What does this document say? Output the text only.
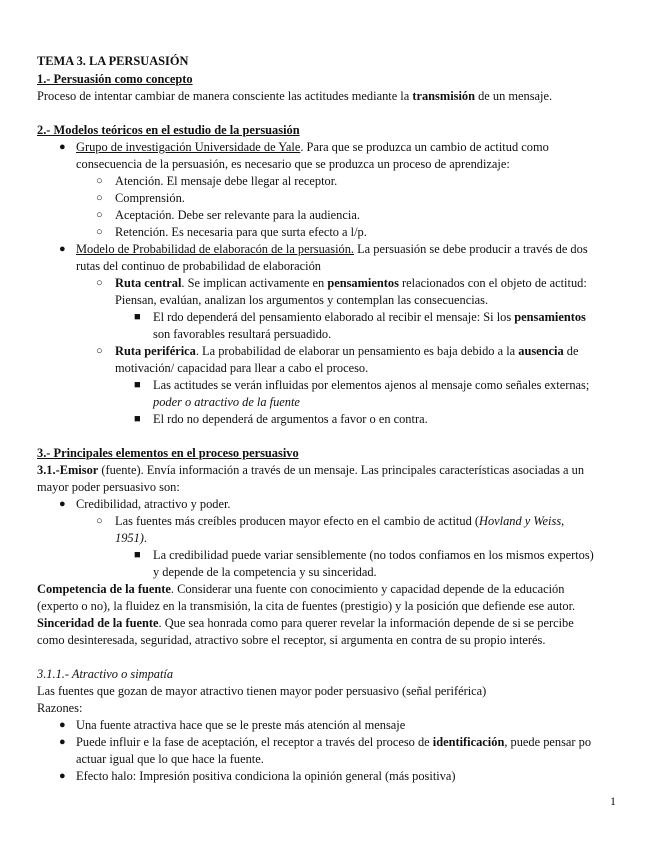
TEMA 3. LA PERSUASIÓN
1.- Persuasión como concepto
Proceso de intentar cambiar de manera consciente las actitudes mediante la transmisión de un mensaje.
2.- Modelos teóricos en el estudio de la persuasión
● Grupo de investigación Universidade de Yale. Para que se produzca un cambio de actitud como
consecuencia de la persuasión, es necesario que se produzca un proceso de aprendizaje:
○ Atención. El mensaje debe llegar al receptor.
○ Comprensión.
○ Aceptación. Debe ser relevante para la audiencia.
○ Retención. Es necesaria para que surta efecto a l/p.
● Modelo de Probabilidad de elaboracón de la persuasión. La persuasión se debe producir a través de dos
rutas del continuo de probabilidad de elaboración
○ Ruta central. Se implican activamente en pensamientos relacionados con el objeto de actitud:
Piensan, evalúan, analizan los argumentos y contemplan las consecuencias.
■ El rdo dependerá del pensamiento elaborado al recibir el mensaje: Si los pensamientos
son favorables resultará persuadido.
○ Ruta periférica. La probabilidad de elaborar un pensamiento es baja debido a la ausencia de
motivación/ capacidad para llear a cabo el proceso.
■ Las actitudes se verán influidas por elementos ajenos al mensaje como señales externas;
poder o atractivo de la fuente
■ El rdo no dependerá de argumentos a favor o en contra.
3.- Principales elementos en el proceso persuasivo
3.1.-Emisor (fuente). Envía información a través de un mensaje. Las principales características asociadas a un
mayor poder persuasivo son:
● Credibilidad, atractivo y poder.
○ Las fuentes más creíbles producen mayor efecto en el cambio de actitud (Hovland y Weiss,
1951).
■ La credibilidad puede variar sensiblemente (no todos confiamos en los mismos expertos)
y depende de la competencia y su sinceridad.
Competencia de la fuente. Considerar una fuente con conocimiento y capacidad depende de la educación
(experto o no), la fluidez en la transmisión, la cita de fuentes (prestigio) y la posición que defiende ese autor.
Sinceridad de la fuente. Que sea honrada como para querer revelar la información depende de si se percibe
como desinteresada, seguridad, atractivo sobre el receptor, si argumenta en contra de su propio interés.
3.1.1.- Atractivo o simpatía
Las fuentes que gozan de mayor atractivo tienen mayor poder persuasivo (señal periférica)
Razones:
● Una fuente atractiva hace que se le preste más atención al mensaje
● Puede influir e la fase de aceptación, el receptor a través del proceso de identificación, puede pensar po
actuar igual que lo que hace la fuente.
● Efecto halo: Impresión positiva condiciona la opinión general (más positiva)
1
